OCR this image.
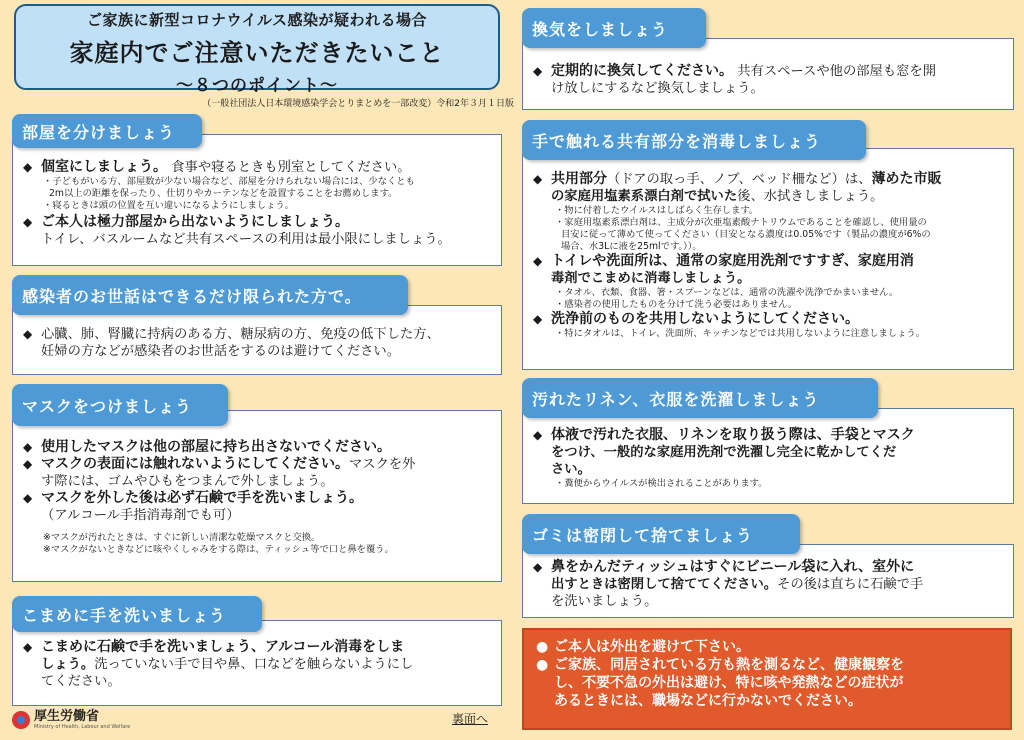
ご家族に新型コロナウイルス感染が疑われる場合
家庭内でご注意いただきたいこと
～８つのポイント～
（一般社団法人日本環境感染学会とりまとめを一部改変）令和2年３月１日版

◆ 個室にしましょう。 食事や寝るときも別室としてください。

・子どもがいる方、部屋数が少ない場合など、部屋を分けられない場合には、少なくとも

2m以上の距離を保ったり、仕切りやカーテンなどを設置することをお薦めします。

・寝るときは頭の位置を互い違いになるようにしましょう。

◆ ご本人は極力部屋から出ないようにしましょう。

トイレ、バスルームなど共有スペースの利用は最小限にしましょう。

部屋を分けましょう

◆ 心臓、肺、腎臓に持病のある方、糖尿病の方、免疫の低下した方、

妊婦の方などが感染者のお世話をするのは避けてください。

感染者のお世話はできるだけ限られた方で。

◆ 使用したマスクは他の部屋に持ち出さないでください。

◆ マスクの表面には触れないようにしてください。マスクを外

す際には、ゴムやひもをつまんで外しましょう。

◆ マスクを外した後は必ず石鹸で手を洗いましょう。

（アルコール手指消毒剤でも可）

※マスクが汚れたときは、すぐに新しい清潔な乾燥マスクと交換。

※マスクがないときなどに咳やくしゃみをする際は、ティッシュ等で口と鼻を覆う。

マスクをつけましょう

◆ こまめに石鹸で手を洗いましょう、アルコール消毒をしま

しょう。洗っていない手で目や鼻、口などを触らないようにし

てください。

こまめに手を洗いましょう

◆ 定期的に換気してください。 共有スペースや他の部屋も窓を開

け放しにするなど換気しましょう。

換気をしましょう

◆ 共用部分（ドアの取っ手、ノブ、ベッド柵など）は、薄めた市販

の家庭用塩素系漂白剤で拭いた後、水拭きしましょう。

・物に付着したウイルスはしばらく生存します。

・家庭用塩素系漂白剤は、主成分が次亜塩素酸ナトリウムであることを確認し、使用量の

目安に従って薄めて使ってください（目安となる濃度は0.05%です（製品の濃度が6%の

場合、水3Lに液を25mlです。））。

◆ トイレや洗面所は、通常の家庭用洗剤ですすぎ、家庭用消

毒剤でこまめに消毒しましょう。

・タオル、衣類、食器、箸・スプーンなどは、通常の洗濯や洗浄でかまいません。

・感染者の使用したものを分けて洗う必要はありません。

◆ 洗浄前のものを共用しないようにしてください。

・特にタオルは、トイレ、洗面所、キッチンなどでは共用しないように注意しましょう。

手で触れる共有部分を消毒しましょう

◆ 体液で汚れた衣服、リネンを取り扱う際は、手袋とマスク

をつけ、一般的な家庭用洗剤で洗濯し完全に乾かしてくだ

さい。

・糞便からウイルスが検出されることがあります。

汚れたリネン、衣服を洗濯しましょう

◆ 鼻をかんだティッシュはすぐにビニール袋に入れ、室外に

出すときは密閉して捨ててください。その後は直ちに石鹸で手

を洗いましょう。

ゴミは密閉して捨てましょう

● ご本人は外出を避けて下さい。

● ご家族、同居されている方も熱を測るなど、健康観察を

し、不要不急の外出は避け、特に咳や発熱などの症状が

あるときには、職場などに行かないでください。

厚生労働省
Ministry of Health, Labour and Welfare
裏面へ
